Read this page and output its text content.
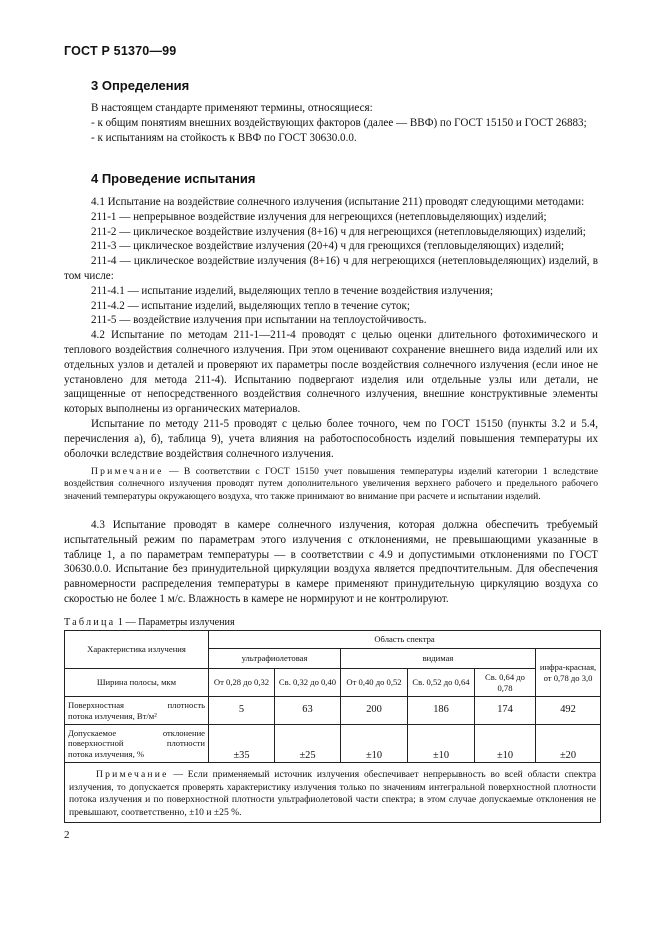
ГОСТ Р 51370—99
3 Определения

В настоящем стандарте применяют термины, относящиеся:

- к общим понятиям внешних воздействующих факторов (далее — ВВФ) по ГОСТ 15150 и ГОСТ 26883;

- к испытаниям на стойкость к ВВФ по ГОСТ 30630.0.0.

4 Проведение испытания

4.1 Испытание на воздействие солнечного излучения (испытание 211) проводят следующими методами:

211-1 — непрерывное воздействие излучения для негреющихся (нетепловыделяющих) изделий;

211-2 — циклическое воздействие излучения (8+16) ч для негреющихся (нетепловыделяющих) изделий;

211-3 — циклическое воздействие излучения (20+4) ч для греющихся (тепловыделяющих) изделий;

211-4 — циклическое воздействие излучения (8+16) ч для негреющихся (нетепловыделяющих) изделий, в том числе:

211-4.1 — испытание изделий, выделяющих тепло в течение воздействия излучения;

211-4.2 — испытание изделий, выделяющих тепло в течение суток;

211-5 — воздействие излучения при испытании на теплоустойчивость.

4.2 Испытание по методам 211-1—211-4 проводят с целью оценки длительного фотохимического и теплового воздействия солнечного излучения. При этом оценивают сохранение внешнего вида изделий или их отдельных узлов и деталей и проверяют их параметры после воздействия солнечного излучения (если иное не установлено для метода 211-4). Испытанию подвергают изделия или отдельные узлы или детали, не защищенные от непосредственного воздействия солнечного излучения, внешние конструктивные элементы которых выполнены из органических материалов.

Испытание по методу 211-5 проводят с целью более точного, чем по ГОСТ 15150 (пункты 3.2 и 5.4, перечисления а), б), таблица 9), учета влияния на работоспособность изделий повышения температуры их оболочки вследствие воздействия солнечного излучения.

Примечание — В соответствии с ГОСТ 15150 учет повышения температуры изделий категории 1 вследствие воздействия солнечного излучения проводят путем дополнительного увеличения верхнего рабочего и предельного рабочего значений температуры окружающего воздуха, что также принимают во внимание при расчете и испытании изделий.

4.3 Испытание проводят в камере солнечного излучения, которая должна обеспечить требуемый испытательный режим по параметрам этого излучения с отклонениями, не превышающими указанные в таблице 1, а по параметрам температуры — в соответствии с 4.9 и допустимыми отклонениями по ГОСТ 30630.0.0. Испытание без принудительной циркуляции воздуха является предпочтительным. Для обеспечения равномерности распределения температуры в камере применяют принудительную циркуляцию воздуха со скоростью не более 1 м/с. Влажность в камере не нормируют и не контролируют.

Таблица 1 — Параметры излучения
Характеристика излучения	Область спектра					
	ультрафиолетовая		видимая			инфра-красная, от 0,78 до 3,0
Ширина полосы, мкм	От 0,28 до 0,32	Св. 0,32 до 0,40	От 0,40 до 0,52	Св. 0,52 до 0,64	Св. 0,64 до 0,78	

Поверхностная плотность
потока излучения, Вт/м²	5	63	200	186	174	492

Допускаемое отклонение поверхностной плотности
потока излучения, %	±35	±25	±10	±10	±10	±20

Примечание — Если применяемый источник излучения обеспечивает непрерывность во всей области спектра излучения, то допускается проверять характеристику излучения только по значениям интегральной поверхностной плотности потока излучения и по поверхностной плотности ультрафиолетовой части спектра; в этом случае допускаемые отклонения не превышают, соответственно, ±10 и ±25 %.						
2
